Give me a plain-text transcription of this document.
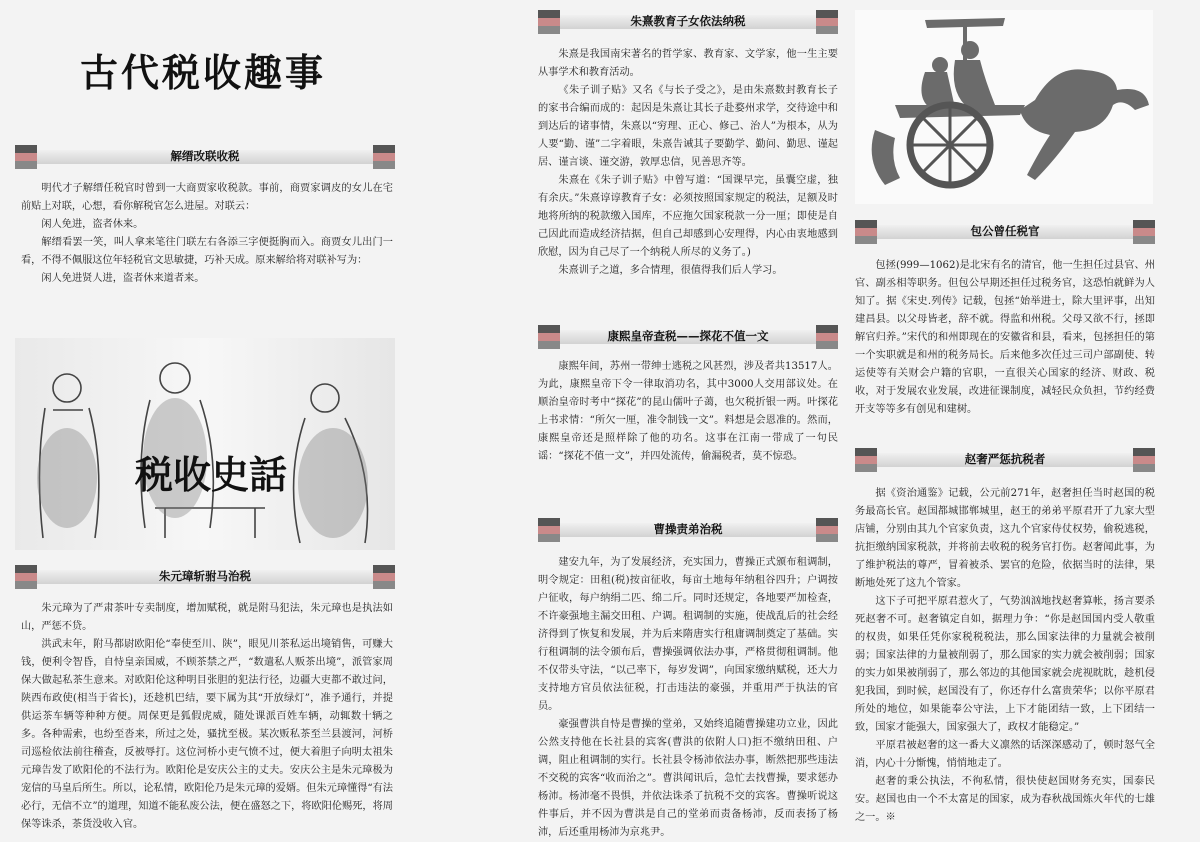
古代税收趣事
解缙改联收税

明代才子解缙任税官时曾到一大商贾家收税款。事前，商贾家调皮的女儿在宅前贴上对联，心想，看你解税官怎么进屋。对联云：

闲人免进，盗者休来。

解缙看罢一笑，叫人拿来笔往门联左右各添三字便挺胸而入。商贾女儿出门一看，不得不佩服这位年轻税官文思敏捷，巧补天成。原来解给将对联补写为：

闲人免进贤人进，盗者休来道者来。

税收史話
朱元璋斩驸马治税

朱元璋为了严肃茶叶专卖制度，增加赋税，就是附马犯法，朱元璋也是执法如山，严惩不贷。

洪武末年，附马都尉欧阳伦“奉使至川、陕”，眼见川茶私运出境销售，可赚大钱，便利令智昏，自恃皇亲国威，不顾茶禁之严，“数遣私人贩茶出境”，派管家周保大做起私茶生意来。对欧阳伦这种明目张胆的犯法行径，边疆大吏都不敢过问，陕西布政使(相当于省长)，还趁机巴结，要下属为其“开放绿灯”，准予通行，并提供运茶车辆等种种方便。周保更是狐假虎威，随处课派百姓车辆，动辄数十辆之多。各种需索，也纷至沓来，所过之处，骚扰至极。某次贩私茶至兰县渡河，河桥司巡检依法前往稽查，反被辱打。这位河桥小吏气愤不过，便大着胆子向明太祖朱元璋告发了欧阳伦的不法行为。欧阳伦是安庆公主的丈夫。安庆公主是朱元璋极为宠信的马皇后所生。所以，论私情，欧阳伦乃是朱元璋的爱婿。但朱元璋懂得“有法必行，无信不立”的道理，知道不能私废公法，便在盛怒之下，将欧阳伦赐死，将周保等诛杀，茶货没收入官。

朱熹教育子女依法纳税

朱熹是我国南宋著名的哲学家、教育家、文学家，他一生主要从事学术和教育活动。

《朱子训子贴》又名《与长子受之》，是由朱熹数封教育长子的家书合编而成的：起因是朱熹让其长子赴婺州求学，交待途中和到达后的诸事情，朱熹以“穷理、正心、修己、治人”为根本，从为人要“勤、谨”二字着眼，朱熹告诫其子要勤学、勤问、勤思、谨起居、谨言谈、谨交游，敦厚忠信，见善思齐等。

朱熹在《朱子训子贴》中曾写道：“国课早完，虽囊空虚，独有余庆。”朱熹谆谆教育子女：必须按照国家规定的税法，足额及时地将所纳的税款缴入国库，不应拖欠国家税款一分一厘；即使是自己因此而造成经济拮据，但自己却感到心安理得，内心由衷地感到欣慰，因为自己尽了一个纳税人所尽的义务了。)

朱熹训子之道，多合情理，很值得我们后人学习。

康熙皇帝查税——探花不值一文

康熙年间，苏州一带绅士逃税之风甚烈，涉及者共13517人。为此，康熙皇帝下令一律取消功名，其中3000人交用部议处。在顺治皇帝时考中“探花”的昆山儒叶子蔼，也欠税折银一两。叶探花上书求情：“所欠一厘，准令制钱一文”。料想是会恩准的。然而，康熙皇帝还是照样除了他的功名。这事在江南一带成了一句民谣：“探花不值一文”，并四处流传，偷漏税者，莫不惊恐。

曹操责弟治税

建安九年，为了发展经济，充实国力，曹操正式颁布租调制，明令规定：田租(税)按亩征收，每亩土地每年纳租谷四升；户调按户征收，每户纳绢二匹、绵二斤。同时还规定，各地要严加检查，不许豪强地主漏交田租、户调。租调制的实施，使战乱后的社会经济得到了恢复和发展，并为后来隋唐实行租庸调制奠定了基础。实行租调制的法令颁布后，曹操强调依法办事，严格贯彻租调制。他不仅带头守法，“以己率下，每岁发调”，向国家缴纳赋税，还大力支持地方官员依法征税，打击违法的豪强，并重用严于执法的官员。

豪强曹洪自恃是曹操的堂弟，又始终追随曹操建功立业，因此公然支持他在长社县的宾客(曹洪的依附人口)拒不缴纳田租、户调，阻止租调制的实行。长社县令杨沛依法办事，断然把那些违法不交税的宾客“收而治之”。曹洪闻讯后，急忙去找曹操，要求惩办杨沛。杨沛毫不畏惧，并依法诛杀了抗税不交的宾客。曹操听说这件事后，并不因为曹洪是自己的堂弟而责备杨沛，反而表扬了杨沛，后还重用杨沛为京兆尹。

包公曾任税官

包拯(999—1062)是北宋有名的清官，他一生担任过县官、州官、副丞相等职务。但包公早期还担任过税务官，这恐怕就鲜为人知了。据《宋史.列传》记载，包拯“始举进士，除大里评事，出知建昌县。以父母皆老，辞不就。得监和州税。父母又欲不行，拯即解官归养。”宋代的和州即现在的安徽省和县，看来，包拯担任的第一个实职就是和州的税务局长。后来他多次任过三司户部副使、转运使等有关财会户籍的官职，一直很关心国家的经济、财政、税收，对于发展农业发展，改进征课制度，减轻民众负担，节约经费开支等等多有创见和建树。

赵奢严惩抗税者

据《资治通鉴》记载，公元前271年，赵奢担任当时赵国的税务最高长官。赵国都城邯郸城里，赵王的弟弟平原君开了九家大型店铺，分别由其九个官家负责，这九个官家侍仗权势，偷税逃税，抗拒缴纳国家税款，并将前去收税的税务官打伤。赵奢闻此事，为了维护税法的尊严，冒着被杀、罢官的危险，依据当时的法律，果断地处死了这九个管家。

这下子可把平原君惹火了，气势汹汹地找赵奢算帐，扬言要杀死赵奢不可。赵奢镇定自如，据理力争：“你是赵国国内受人敬重的权贵，如果任凭你家税税税法，那么国家法律的力量就会被削弱；国家法律的力量被削弱了，那么国家的实力就会被削弱；国家的实力如果被削弱了，那么邻边的其他国家就会虎视眈眈，趁机侵犯我国，到时候，赵国没有了，你还存什么富贵荣华；以你平原君所处的地位，如果能奉公守法，上下才能团结一致，上下团结一致，国家才能强大，国家强大了，政权才能稳定。”

平原君被赵奢的这一番大义凛然的话深深感动了，顿时怒气全消，内心十分惭愧，悄悄地走了。

赵奢的秉公执法，不徇私情，很快使赵国财务充实，国泰民安。赵国也由一个不太富足的国家，成为春秋战国炼火年代的七雄之一。※
